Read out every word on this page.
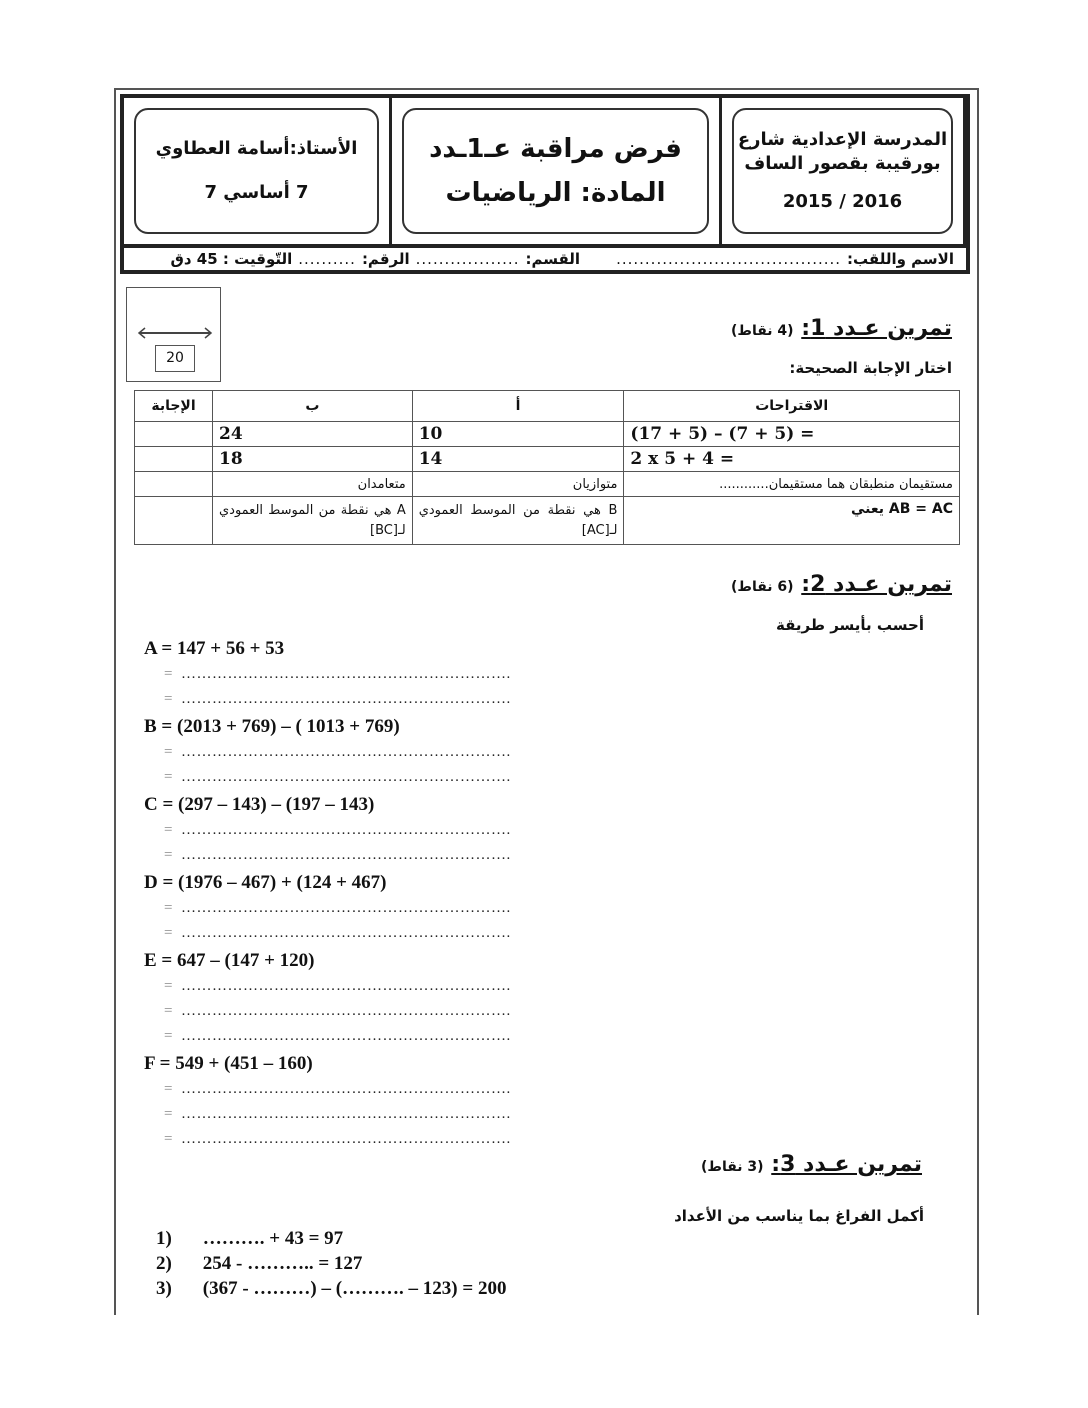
الأستاذ:أسامة العطاوي
7 أساسي 7
فرض مراقبة عـ1ـدد
المادة: الرياضيات
المدرسة الإعدادية شارع
بورقيبة بقصور الساف
2016 / 2015
الاسم واللقب:
.......................................
القسم:
..................
الرقم:
..........
التّوقيت : 45 دق
20
تمرين عـدد 1: (4 نقاط)
اختار الإجابة الصحيحة:
الاقتراحات	أ	ب	الإجابة
(17 + 5) – (7 + 5) =	10	24	
2 x 5 + 4 =	14	18	
مستقيمان منطبقان هما مستقيمان............	متوازيان	متعامدان	
AB = AC يعني	B هي نقطة من الموسط العمودي لـ[AC]	A هي نقطة من الموسط العمودي لـ[BC]	
تمرين عـدد 2: (6 نقاط)
أحسب بأيسر طريقة
A = 147 + 56 + 53
= ……………………………………………………….
= ……………………………………………………….
B = (2013 + 769) – ( 1013 + 769)
= ……………………………………………………….
= ……………………………………………………….
C = (297 – 143) – (197 – 143)
= ……………………………………………………….
= ……………………………………………………….
D = (1976 – 467) + (124 + 467)
= ……………………………………………………….
= ……………………………………………………….
E = 647 – (147 + 120)
= ……………………………………………………….
= ……………………………………………………….
= ……………………………………………………….
F = 549 + (451 – 160)
= ……………………………………………………….
= ……………………………………………………….
= ……………………………………………………….
تمرين عـدد 3: (3 نقاط)
أكمل الفراغ بما يناسب من الأعداد
1) ………. + 43 = 97
2) 254 - ……….. = 127
3) (367 - ………) – (………. – 123) = 200
